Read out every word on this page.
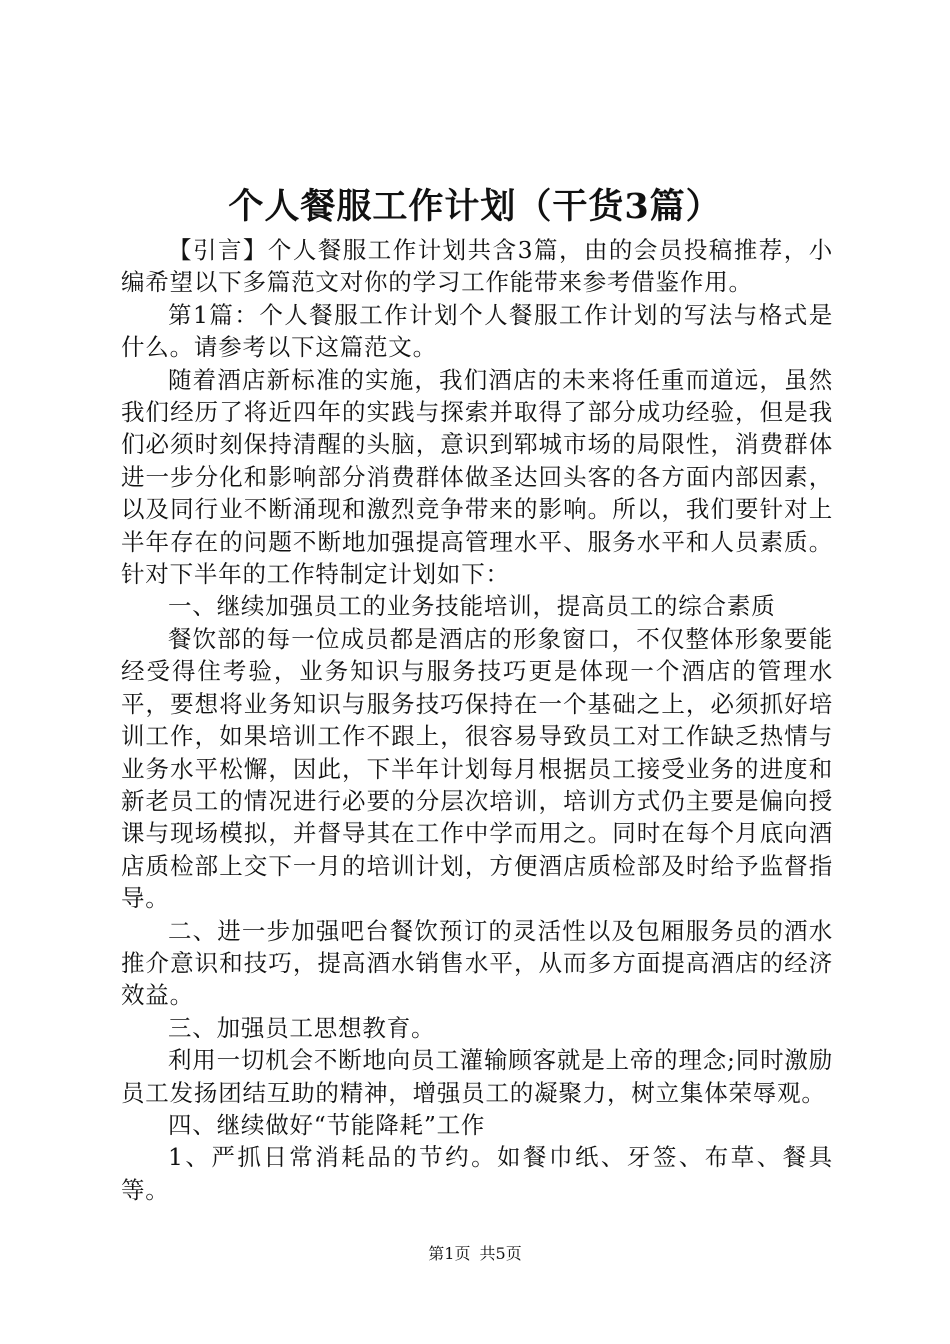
个人餐服工作计划（干货3篇）

【引言】个人餐服工作计划共含3篇，由的会员投稿推荐，小编希望以下多篇范文对你的学习工作能带来参考借鉴作用。

第1篇：个人餐服工作计划个人餐服工作计划的写法与格式是什么。请参考以下这篇范文。

随着酒店新标准的实施，我们酒店的未来将任重而道远，虽然我们经历了将近四年的实践与探索并取得了部分成功经验，但是我们必须时刻保持清醒的头脑，意识到郓城市场的局限性，消费群体进一步分化和影响部分消费群体做圣达回头客的各方面内部因素，以及同行业不断涌现和激烈竞争带来的影响。所以，我们要针对上半年存在的问题不断地加强提高管理水平、服务水平和人员素质。针对下半年的工作特制定计划如下：

一、继续加强员工的业务技能培训，提高员工的综合素质

餐饮部的每一位成员都是酒店的形象窗口，不仅整体形象要能经受得住考验，业务知识与服务技巧更是体现一个酒店的管理水平，要想将业务知识与服务技巧保持在一个基础之上，必须抓好培训工作，如果培训工作不跟上，很容易导致员工对工作缺乏热情与业务水平松懈，因此，下半年计划每月根据员工接受业务的进度和新老员工的情况进行必要的分层次培训，培训方式仍主要是偏向授课与现场模拟，并督导其在工作中学而用之。同时在每个月底向酒店质检部上交下一月的培训计划，方便酒店质检部及时给予监督指导。

二、进一步加强吧台餐饮预订的灵活性以及包厢服务员的酒水推介意识和技巧，提高酒水销售水平，从而多方面提高酒店的经济效益。

三、加强员工思想教育。

利用一切机会不断地向员工灌输顾客就是上帝的理念;同时激励员工发扬团结互助的精神，增强员工的凝聚力，树立集体荣辱观。

四、继续做好“节能降耗”工作

1、严抓日常消耗品的节约。如餐巾纸、牙签、布草、餐具等。

第1页 共5页
